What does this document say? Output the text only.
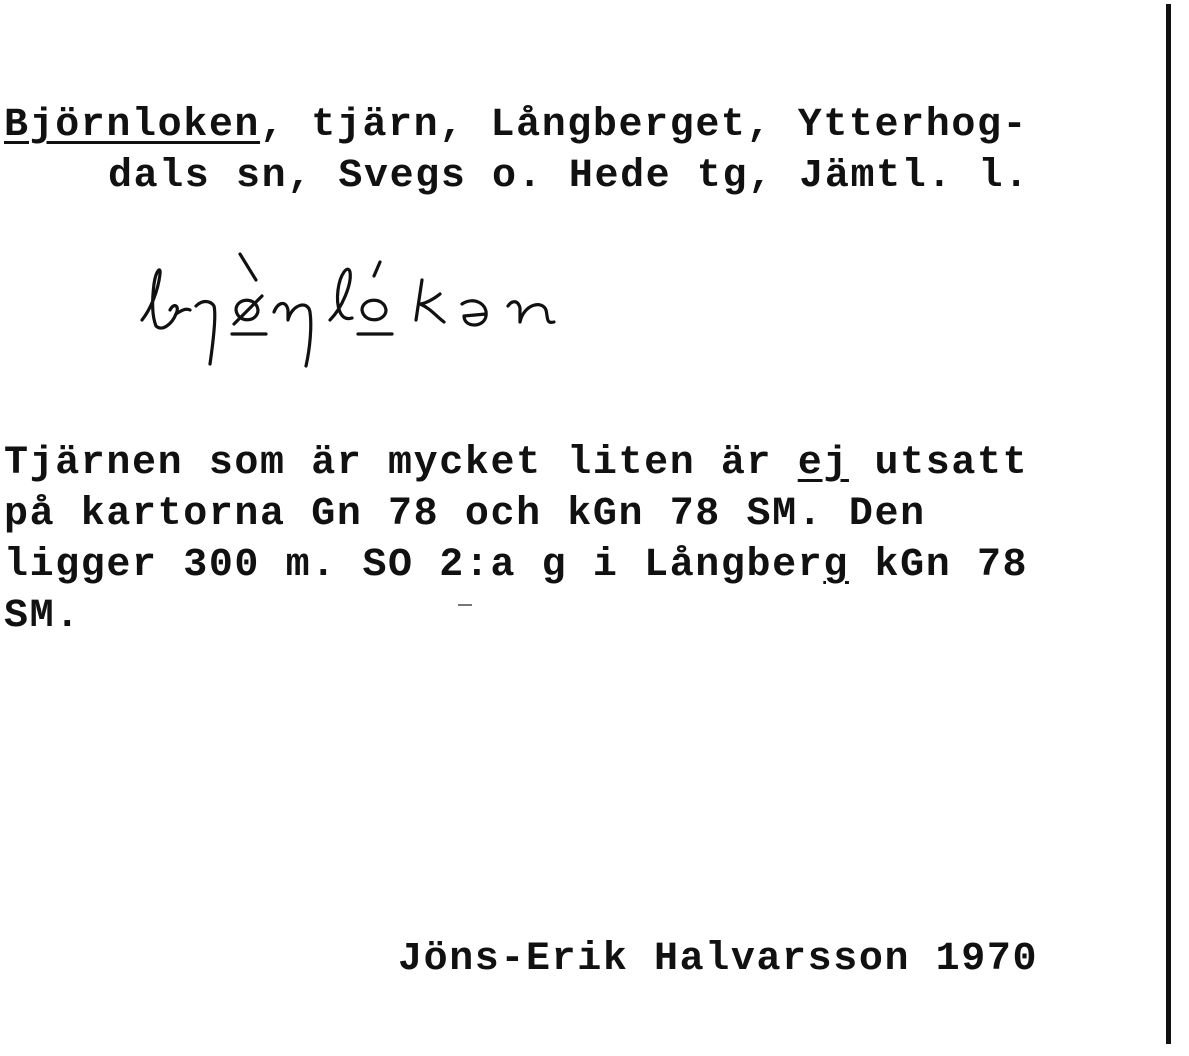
Björnloken, tjärn, Långberget, Ytterhog-
dals sn, Svegs o. Hede tg, Jämtl. l.
Tjärnen som är mycket liten är ej utsatt
på kartorna Gn 78 och kGn 78 SM. Den
ligger 300 m. SO 2:a g i Långberg kGn 78
SM.
Jöns-Erik Halvarsson 1970
